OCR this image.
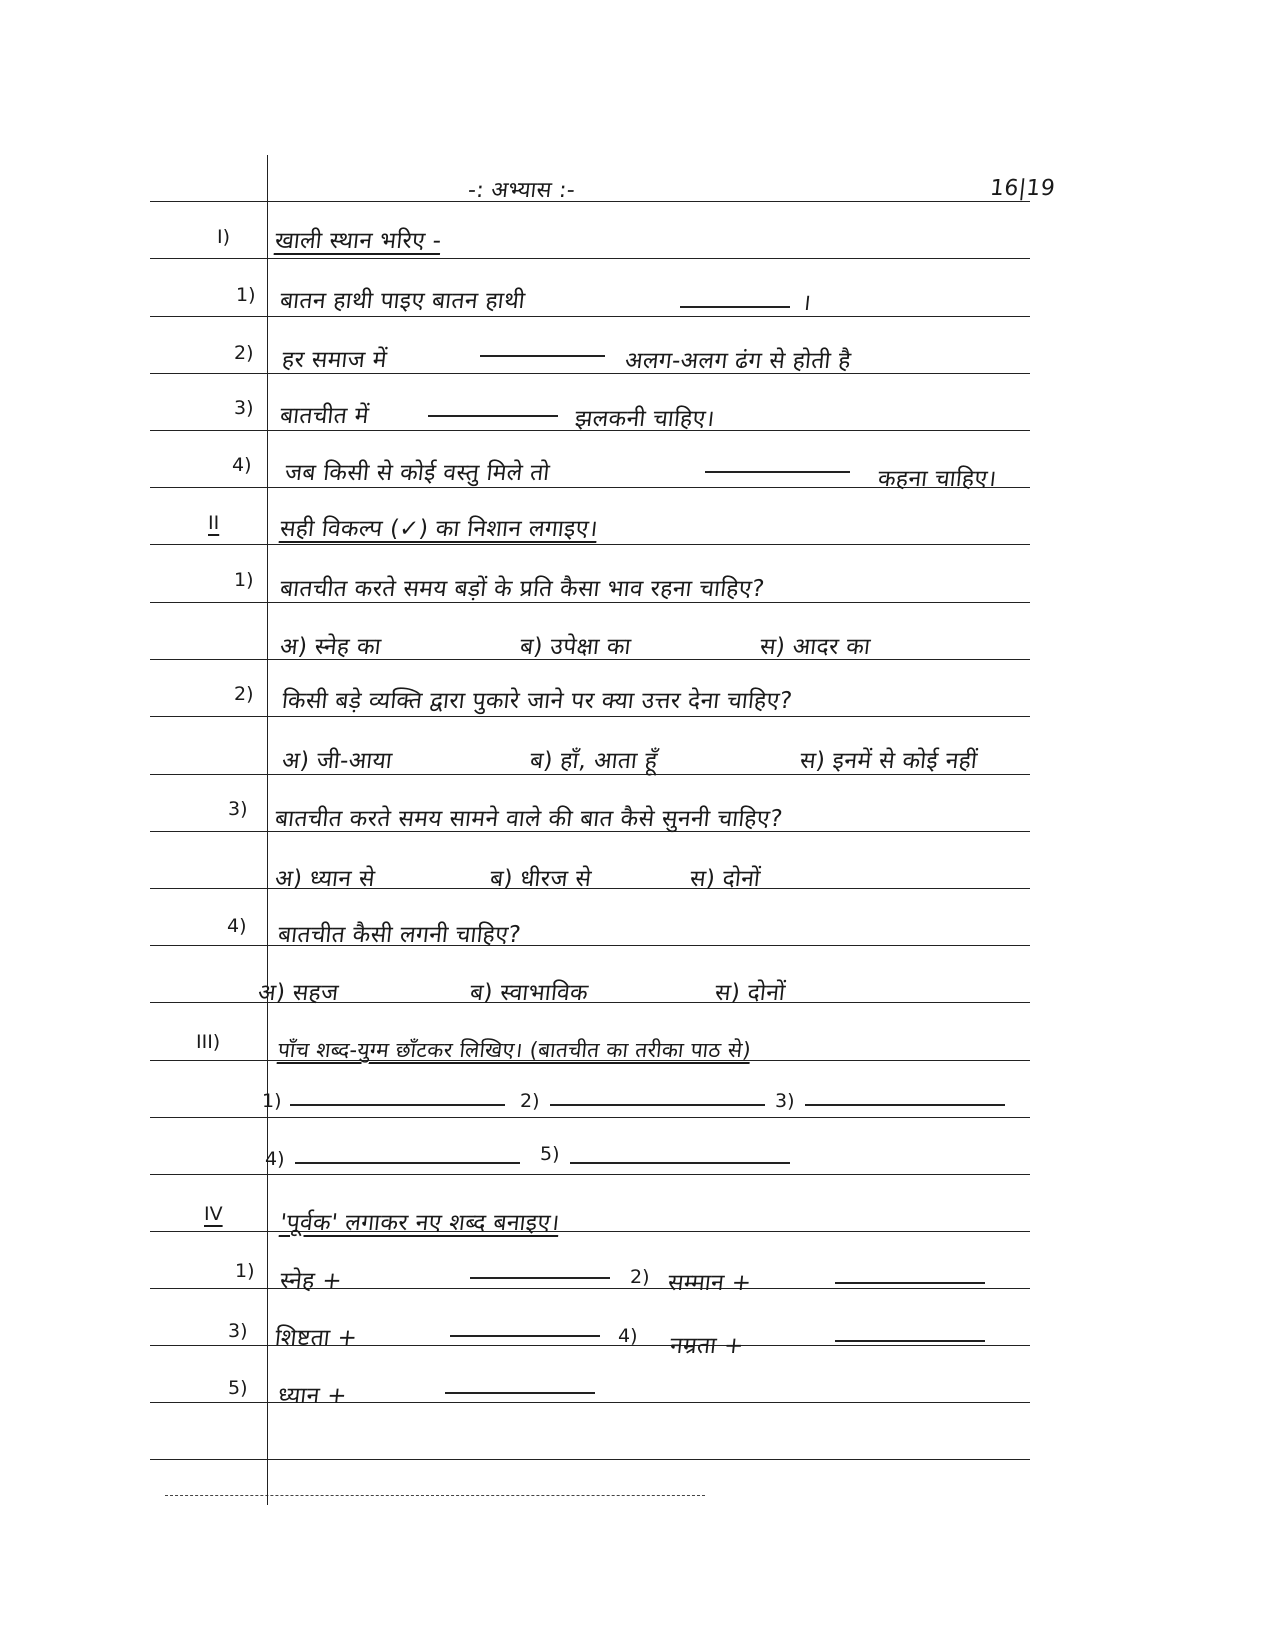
-: अभ्यास :-	16|19
I) खाली स्थान भरिए -
1) बातन हाथी पाइए बातन हाथी	।
2) हर समाज में	अलग-अलग ढंग से होती है
3) बातचीत में	झलकनी चाहिए।
4) जब किसी से कोई वस्तु मिले तो	कहना चाहिए।
II	सही विकल्प (✓) का निशान लगाइए।
1) बातचीत करते समय बड़ों के प्रति कैसा भाव रहना चाहिए?
अ) स्नेह का	ब) उपेक्षा का	स) आदर का
2) किसी बड़े व्यक्ति द्वारा पुकारे जाने पर क्या उत्तर देना चाहिए?
अ) जी-आया	ब) हाँ, आता हूँ	स) इनमें से कोई नहीं
3) बातचीत करते समय सामने वाले की बात कैसे सुननी चाहिए?
अ) ध्यान से	ब) धीरज से	स) दोनों
4) बातचीत कैसी लगनी चाहिए?
अ) सहज	ब) स्वाभाविक	स) दोनों
III)	पाँच शब्द-युग्म छाँटकर लिखिए। (बातचीत का तरीका पाठ से)
1)	2)	3)
4)	5)
IV 'पूर्वक' लगाकर नए शब्द बनाइए।
1) स्नेह +	2) सम्मान +
3) शिष्टता +	4) नम्रता +
5) ध्यान +
